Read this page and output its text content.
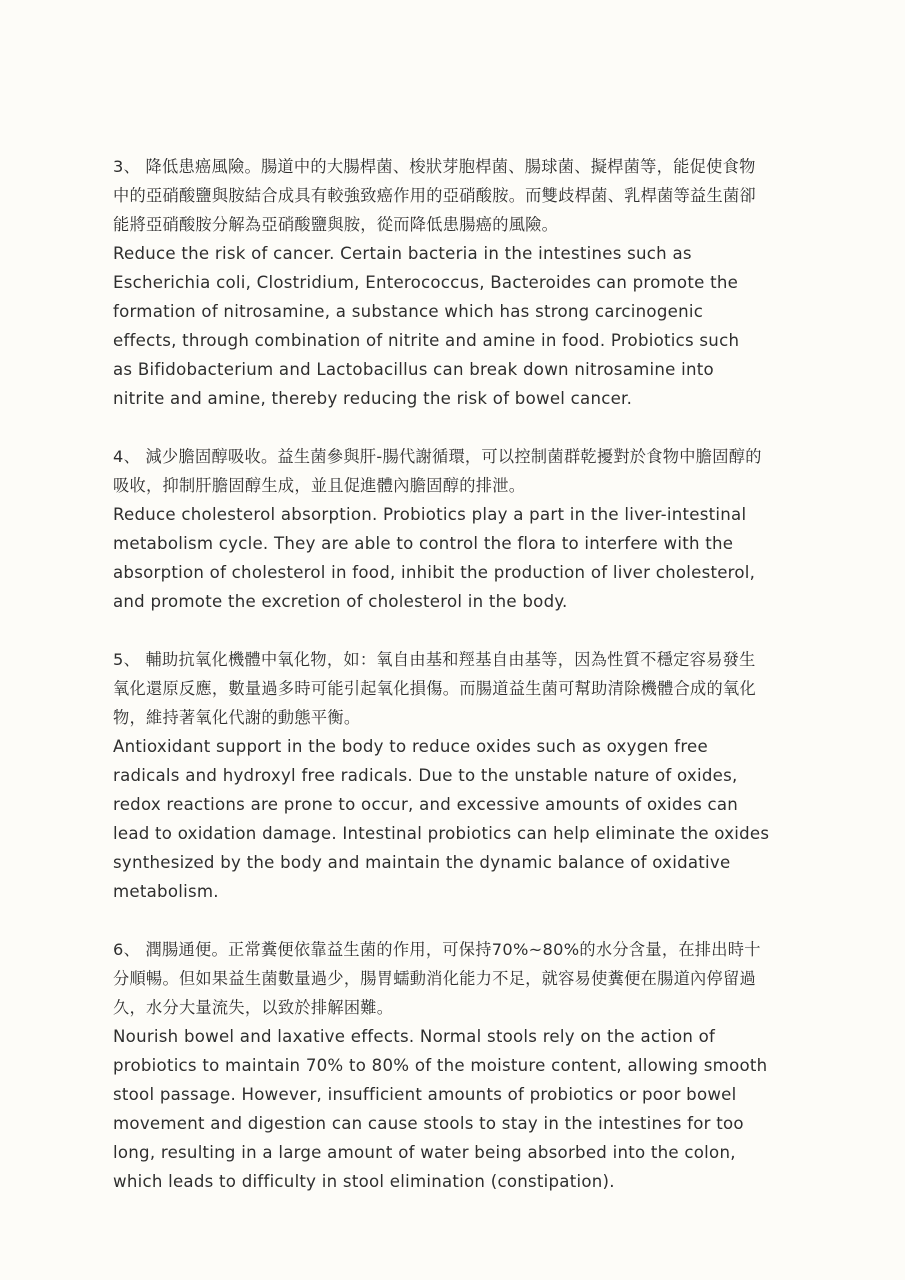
3、 降低患癌風險。腸道中的大腸桿菌、梭狀芽胞桿菌、腸球菌、擬桿菌等，能促使食物
中的亞硝酸鹽與胺結合成具有較強致癌作用的亞硝酸胺。而雙歧桿菌、乳桿菌等益生菌卻
能將亞硝酸胺分解為亞硝酸鹽與胺，從而降低患腸癌的風險。

Reduce the risk of cancer. Certain bacteria in the intestines such as
Escherichia coli, Clostridium, Enterococcus, Bacteroides can promote the
formation of nitrosamine, a substance which has strong carcinogenic
effects, through combination of nitrite and amine in food. Probiotics such
as Bifidobacterium and Lactobacillus can break down nitrosamine into
nitrite and amine, thereby reducing the risk of bowel cancer.

4、 減少膽固醇吸收。益生菌參與肝-腸代謝循環，可以控制菌群乾擾對於食物中膽固醇的
吸收，抑制肝膽固醇生成，並且促進體內膽固醇的排泄。

Reduce cholesterol absorption. Probiotics play a part in the liver-intestinal
metabolism cycle. They are able to control the flora to interfere with the
absorption of cholesterol in food, inhibit the production of liver cholesterol,
and promote the excretion of cholesterol in the body.

5、 輔助抗氧化機體中氧化物，如：氧自由基和羥基自由基等，因為性質不穩定容易發生
氧化還原反應，數量過多時可能引起氧化損傷。而腸道益生菌可幫助清除機體合成的氧化
物，維持著氧化代謝的動態平衡。

Antioxidant support in the body to reduce oxides such as oxygen free
radicals and hydroxyl free radicals. Due to the unstable nature of oxides,
redox reactions are prone to occur, and excessive amounts of oxides can
lead to oxidation damage. Intestinal probiotics can help eliminate the oxides
synthesized by the body and maintain the dynamic balance of oxidative
metabolism.

6、 潤腸通便。正常糞便依靠益生菌的作用，可保持70%~80%的水分含量，在排出時十
分順暢。但如果益生菌數量過少，腸胃蠕動消化能力不足，就容易使糞便在腸道內停留過
久，水分大量流失，以致於排解困難。

Nourish bowel and laxative effects. Normal stools rely on the action of
probiotics to maintain 70% to 80% of the moisture content, allowing smooth
stool passage. However, insufficient amounts of probiotics or poor bowel
movement and digestion can cause stools to stay in the intestines for too
long, resulting in a large amount of water being absorbed into the colon,
which leads to difficulty in stool elimination (constipation).
